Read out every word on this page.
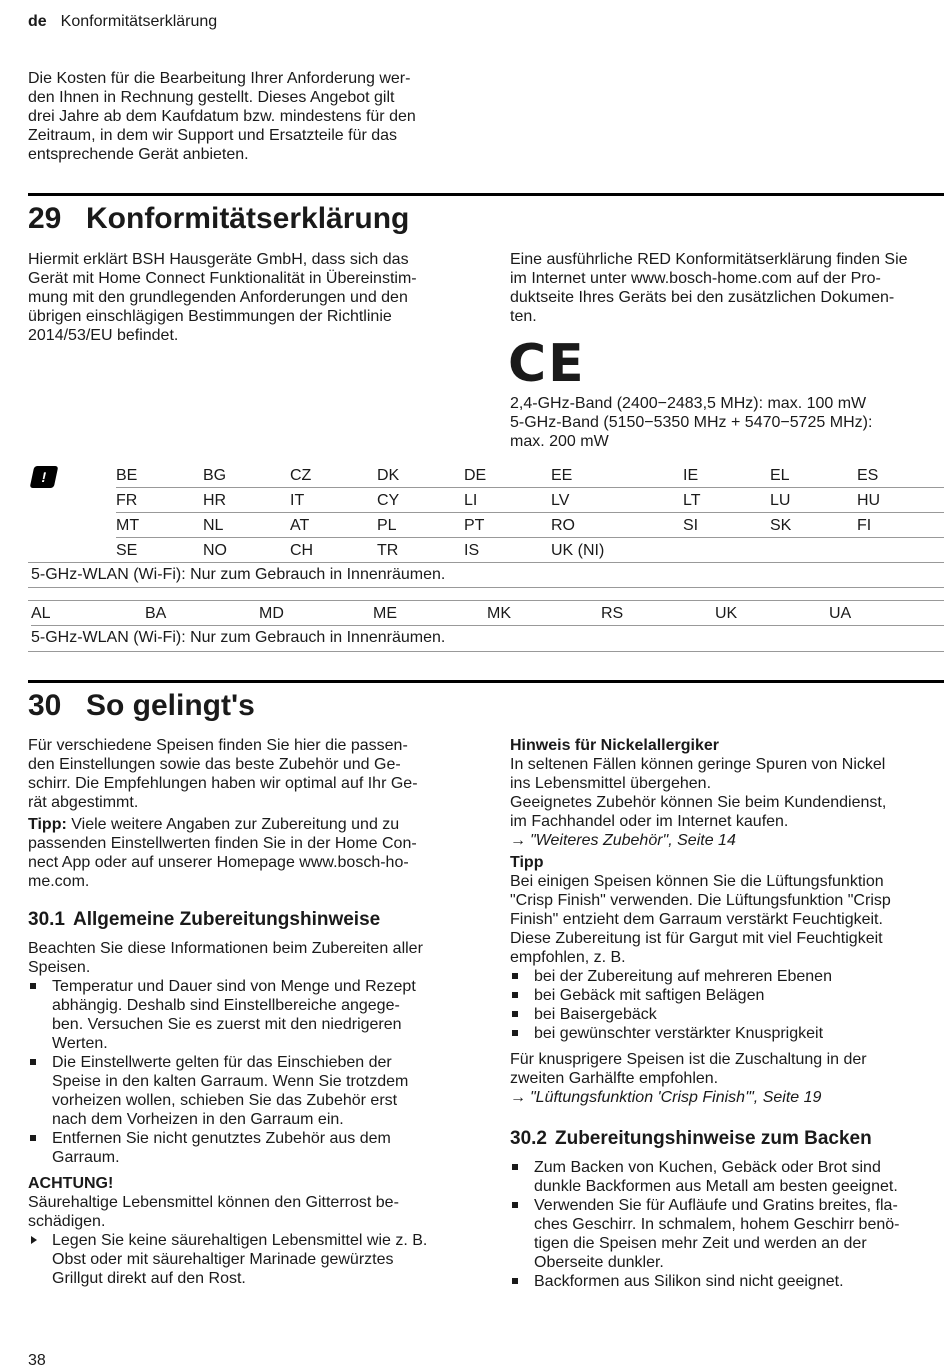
de Konformitätserklärung
Die Kosten für die Bearbeitung Ihrer Anforderung wer-
den Ihnen in Rechnung gestellt. Dieses Angebot gilt
drei Jahre ab dem Kaufdatum bzw. mindestens für den
Zeitraum, in dem wir Support und Ersatzteile für das
entsprechende Gerät anbieten.
29 Konformitätserklärung
Hiermit erklärt BSH Hausgeräte GmbH, dass sich das
Gerät mit Home Connect Funktionalität in Übereinstim-
mung mit den grundlegenden Anforderungen und den
übrigen einschlägigen Bestimmungen der Richtlinie
2014/53/EU befindet.
Eine ausführliche RED Konformitätserklärung finden Sie
im Internet unter www.bosch-home.com auf der Pro-
duktseite Ihres Geräts bei den zusätzlichen Dokumen-
ten.
CE
2,4-GHz-Band (2400−2483,5 MHz): max. 100 mW
5-GHz-Band (5150−5350 MHz + 5470−5725 MHz):
max. 200 mW
!	BE	BG	CZ	DK	DE	EE	IE	EL	ES
FR	HR	IT	CY	LI	LV	LT	LU	HU
MT	NL	AT	PL	PT	RO	SI	SK	FI
SE	NO	CH	TR	IS	UK (NI)			
5-GHz-WLAN (Wi-Fi): Nur zum Gebrauch in Innenräumen.
AL	BA	MD	ME	MK	RS	UK	UA
5-GHz-WLAN (Wi-Fi): Nur zum Gebrauch in Innenräumen.
30 So gelingt's
Für verschiedene Speisen finden Sie hier die passen-
den Einstellungen sowie das beste Zubehör und Ge-
schirr. Die Empfehlungen haben wir optimal auf Ihr Ge-
rät abgestimmt.
Tipp: Viele weitere Angaben zur Zubereitung und zu
passenden Einstellwerten finden Sie in der Home Con-
nect App oder auf unserer Homepage www.bosch-ho-
me.com.
30.1 Allgemeine Zubereitungshinweise
Beachten Sie diese Informationen beim Zubereiten aller
Speisen.
Temperatur und Dauer sind von Menge und Rezept
abhängig. Deshalb sind Einstellbereiche angege-
ben. Versuchen Sie es zuerst mit den niedrigeren
Werten.
Die Einstellwerte gelten für das Einschieben der
Speise in den kalten Garraum. Wenn Sie trotzdem
vorheizen wollen, schieben Sie das Zubehör erst
nach dem Vorheizen in den Garraum ein.
Entfernen Sie nicht genutztes Zubehör aus dem
Garraum.
ACHTUNG!
Säurehaltige Lebensmittel können den Gitterrost be-
schädigen.
Legen Sie keine säurehaltigen Lebensmittel wie z. B.
Obst oder mit säurehaltiger Marinade gewürztes
Grillgut direkt auf den Rost.
Hinweis für Nickelallergiker
In seltenen Fällen können geringe Spuren von Nickel
ins Lebensmittel übergehen.
Geeignetes Zubehör können Sie beim Kundendienst,
im Fachhandel oder im Internet kaufen.
→ "Weiteres Zubehör", Seite 14
Tipp
Bei einigen Speisen können Sie die Lüftungsfunktion
"Crisp Finish" verwenden. Die Lüftungsfunktion "Crisp
Finish" entzieht dem Garraum verstärkt Feuchtigkeit.
Diese Zubereitung ist für Gargut mit viel Feuchtigkeit
empfohlen, z. B.
bei der Zubereitung auf mehreren Ebenen
bei Gebäck mit saftigen Belägen
bei Baisergebäck
bei gewünschter verstärkter Knusprigkeit
Für knusprigere Speisen ist die Zuschaltung in der
zweiten Garhälfte empfohlen.
→ "Lüftungsfunktion 'Crisp Finish'", Seite 19
30.2 Zubereitungshinweise zum Backen
Zum Backen von Kuchen, Gebäck oder Brot sind
dunkle Backformen aus Metall am besten geeignet.
Verwenden Sie für Aufläufe und Gratins breites, fla-
ches Geschirr. In schmalem, hohem Geschirr benö-
tigen die Speisen mehr Zeit und werden an der
Oberseite dunkler.
Backformen aus Silikon sind nicht geeignet.
38
